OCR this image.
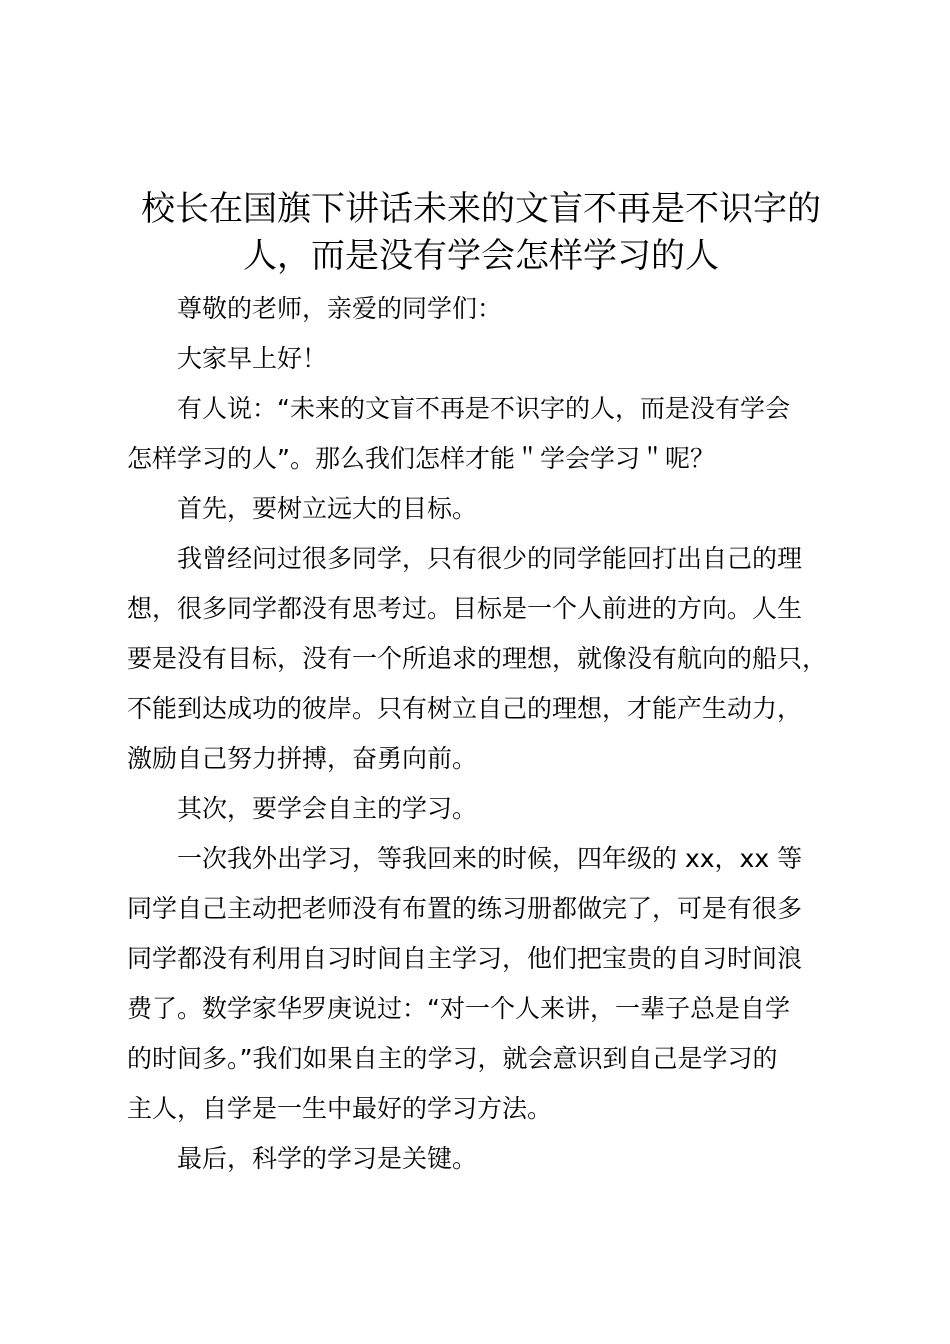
校长在国旗下讲话未来的文盲不再是不识字的
人，而是没有学会怎样学习的人

尊敬的老师，亲爱的同学们：

大家早上好！

有人说：“未来的文盲不再是不识字的人，而是没有学会
怎样学习的人”。那么我们怎样才能＂学会学习＂呢？

首先，要树立远大的目标。

我曾经问过很多同学，只有很少的同学能回打出自己的理
想，很多同学都没有思考过。目标是一个人前进的方向。人生
要是没有目标，没有一个所追求的理想，就像没有航向的船只，
不能到达成功的彼岸。只有树立自己的理想，才能产生动力，
激励自己努力拼搏，奋勇向前。

其次，要学会自主的学习。

一次我外出学习，等我回来的时候，四年级的 xx，xx 等
同学自己主动把老师没有布置的练习册都做完了，可是有很多
同学都没有利用自习时间自主学习，他们把宝贵的自习时间浪
费了。数学家华罗庚说过：“对一个人来讲，一辈子总是自学
的时间多。”我们如果自主的学习，就会意识到自己是学习的
主人，自学是一生中最好的学习方法。

最后，科学的学习是关键。
